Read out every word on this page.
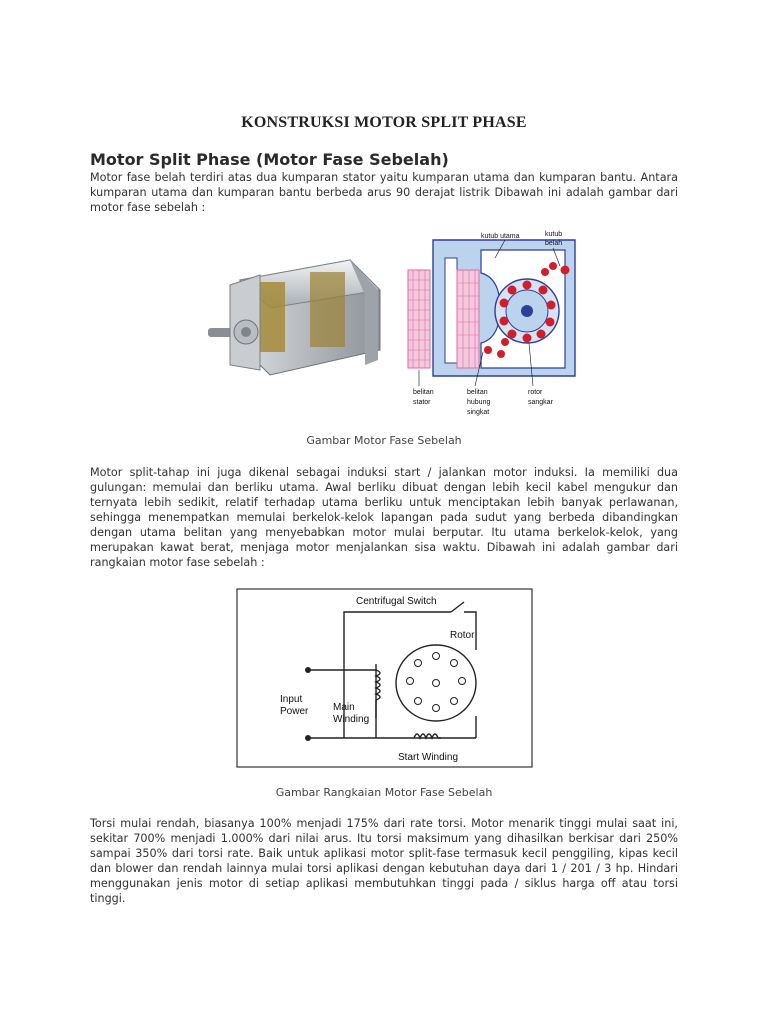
KONSTRUKSI MOTOR SPLIT PHASE
Motor Split Phase (Motor Fase Sebelah)
Motor fase belah terdiri atas dua kumparan stator yaitu kumparan utama dan kumparan bantu. Antara kumparan utama dan kumparan bantu berbeda arus 90 derajat listrik Dibawah ini adalah gambar dari motor fase sebelah :
kutub utama	kutub
belah
belitan
stator
belitan
hubung
singkat
rotor
sangkar
Gambar Motor Fase Sebelah
Motor split-tahap ini juga dikenal sebagai induksi start / jalankan motor induksi. Ia memiliki dua gulungan: memulai dan berliku utama. Awal berliku dibuat dengan lebih kecil kabel mengukur dan ternyata lebih sedikit, relatif terhadap utama berliku untuk menciptakan lebih banyak perlawanan, sehingga menempatkan memulai berkelok-kelok lapangan pada sudut yang berbeda dibandingkan dengan utama belitan yang menyebabkan motor mulai berputar. Itu utama berkelok-kelok, yang merupakan kawat berat, menjaga motor menjalankan sisa waktu. Dibawah ini adalah gambar dari rangkaian motor fase sebelah :
Centrifugal Switch
Rotor
Input
Power Main
Winding
Start Winding
Gambar Rangkaian Motor Fase Sebelah
Torsi mulai rendah, biasanya 100% menjadi 175% dari rate torsi. Motor menarik tinggi mulai saat ini, sekitar 700% menjadi 1.000% dari nilai arus. Itu torsi maksimum yang dihasilkan berkisar dari 250% sampai 350% dari torsi rate. Baik untuk aplikasi motor split-fase termasuk kecil penggiling, kipas kecil dan blower dan rendah lainnya mulai torsi aplikasi dengan kebutuhan daya dari 1 / 201 / 3 hp. Hindari menggunakan jenis motor di setiap aplikasi membutuhkan tinggi pada / siklus harga off atau torsi tinggi.
